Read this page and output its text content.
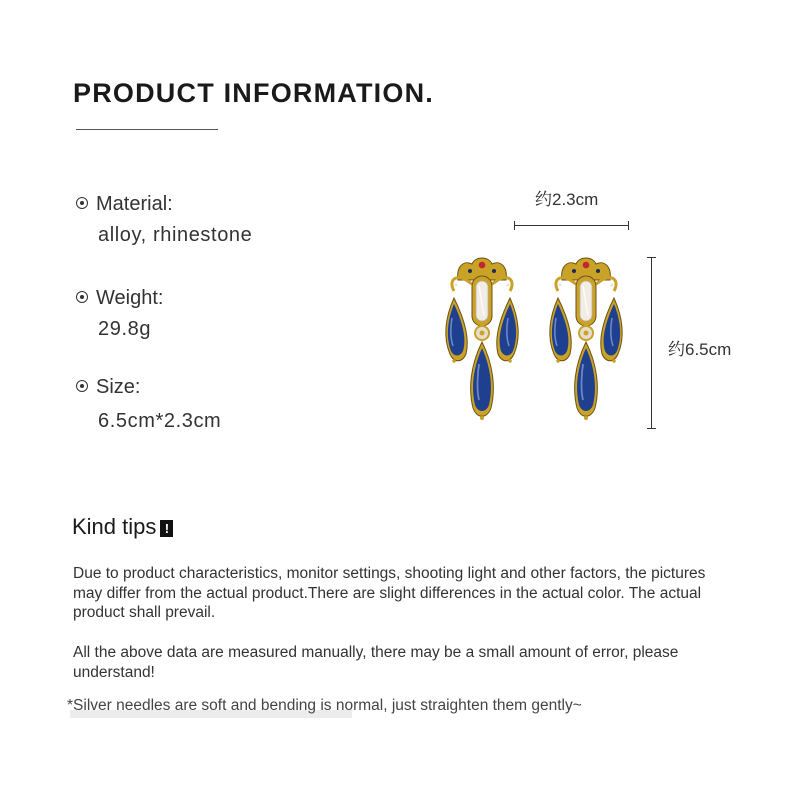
PRODUCT INFORMATION.
Material:
alloy, rhinestone
Weight:
29.8g
Size:
6.5cm*2.3cm
约2.3cm
约6.5cm
Kind tips !

Due to product characteristics, monitor settings, shooting light and other factors, the pictures may differ from the actual product.There are slight differences in the actual color. The actual product shall prevail.

All the above data are measured manually, there may be a small amount of error, please understand!

*Silver needles are soft and bending is normal, just straighten them gently~
